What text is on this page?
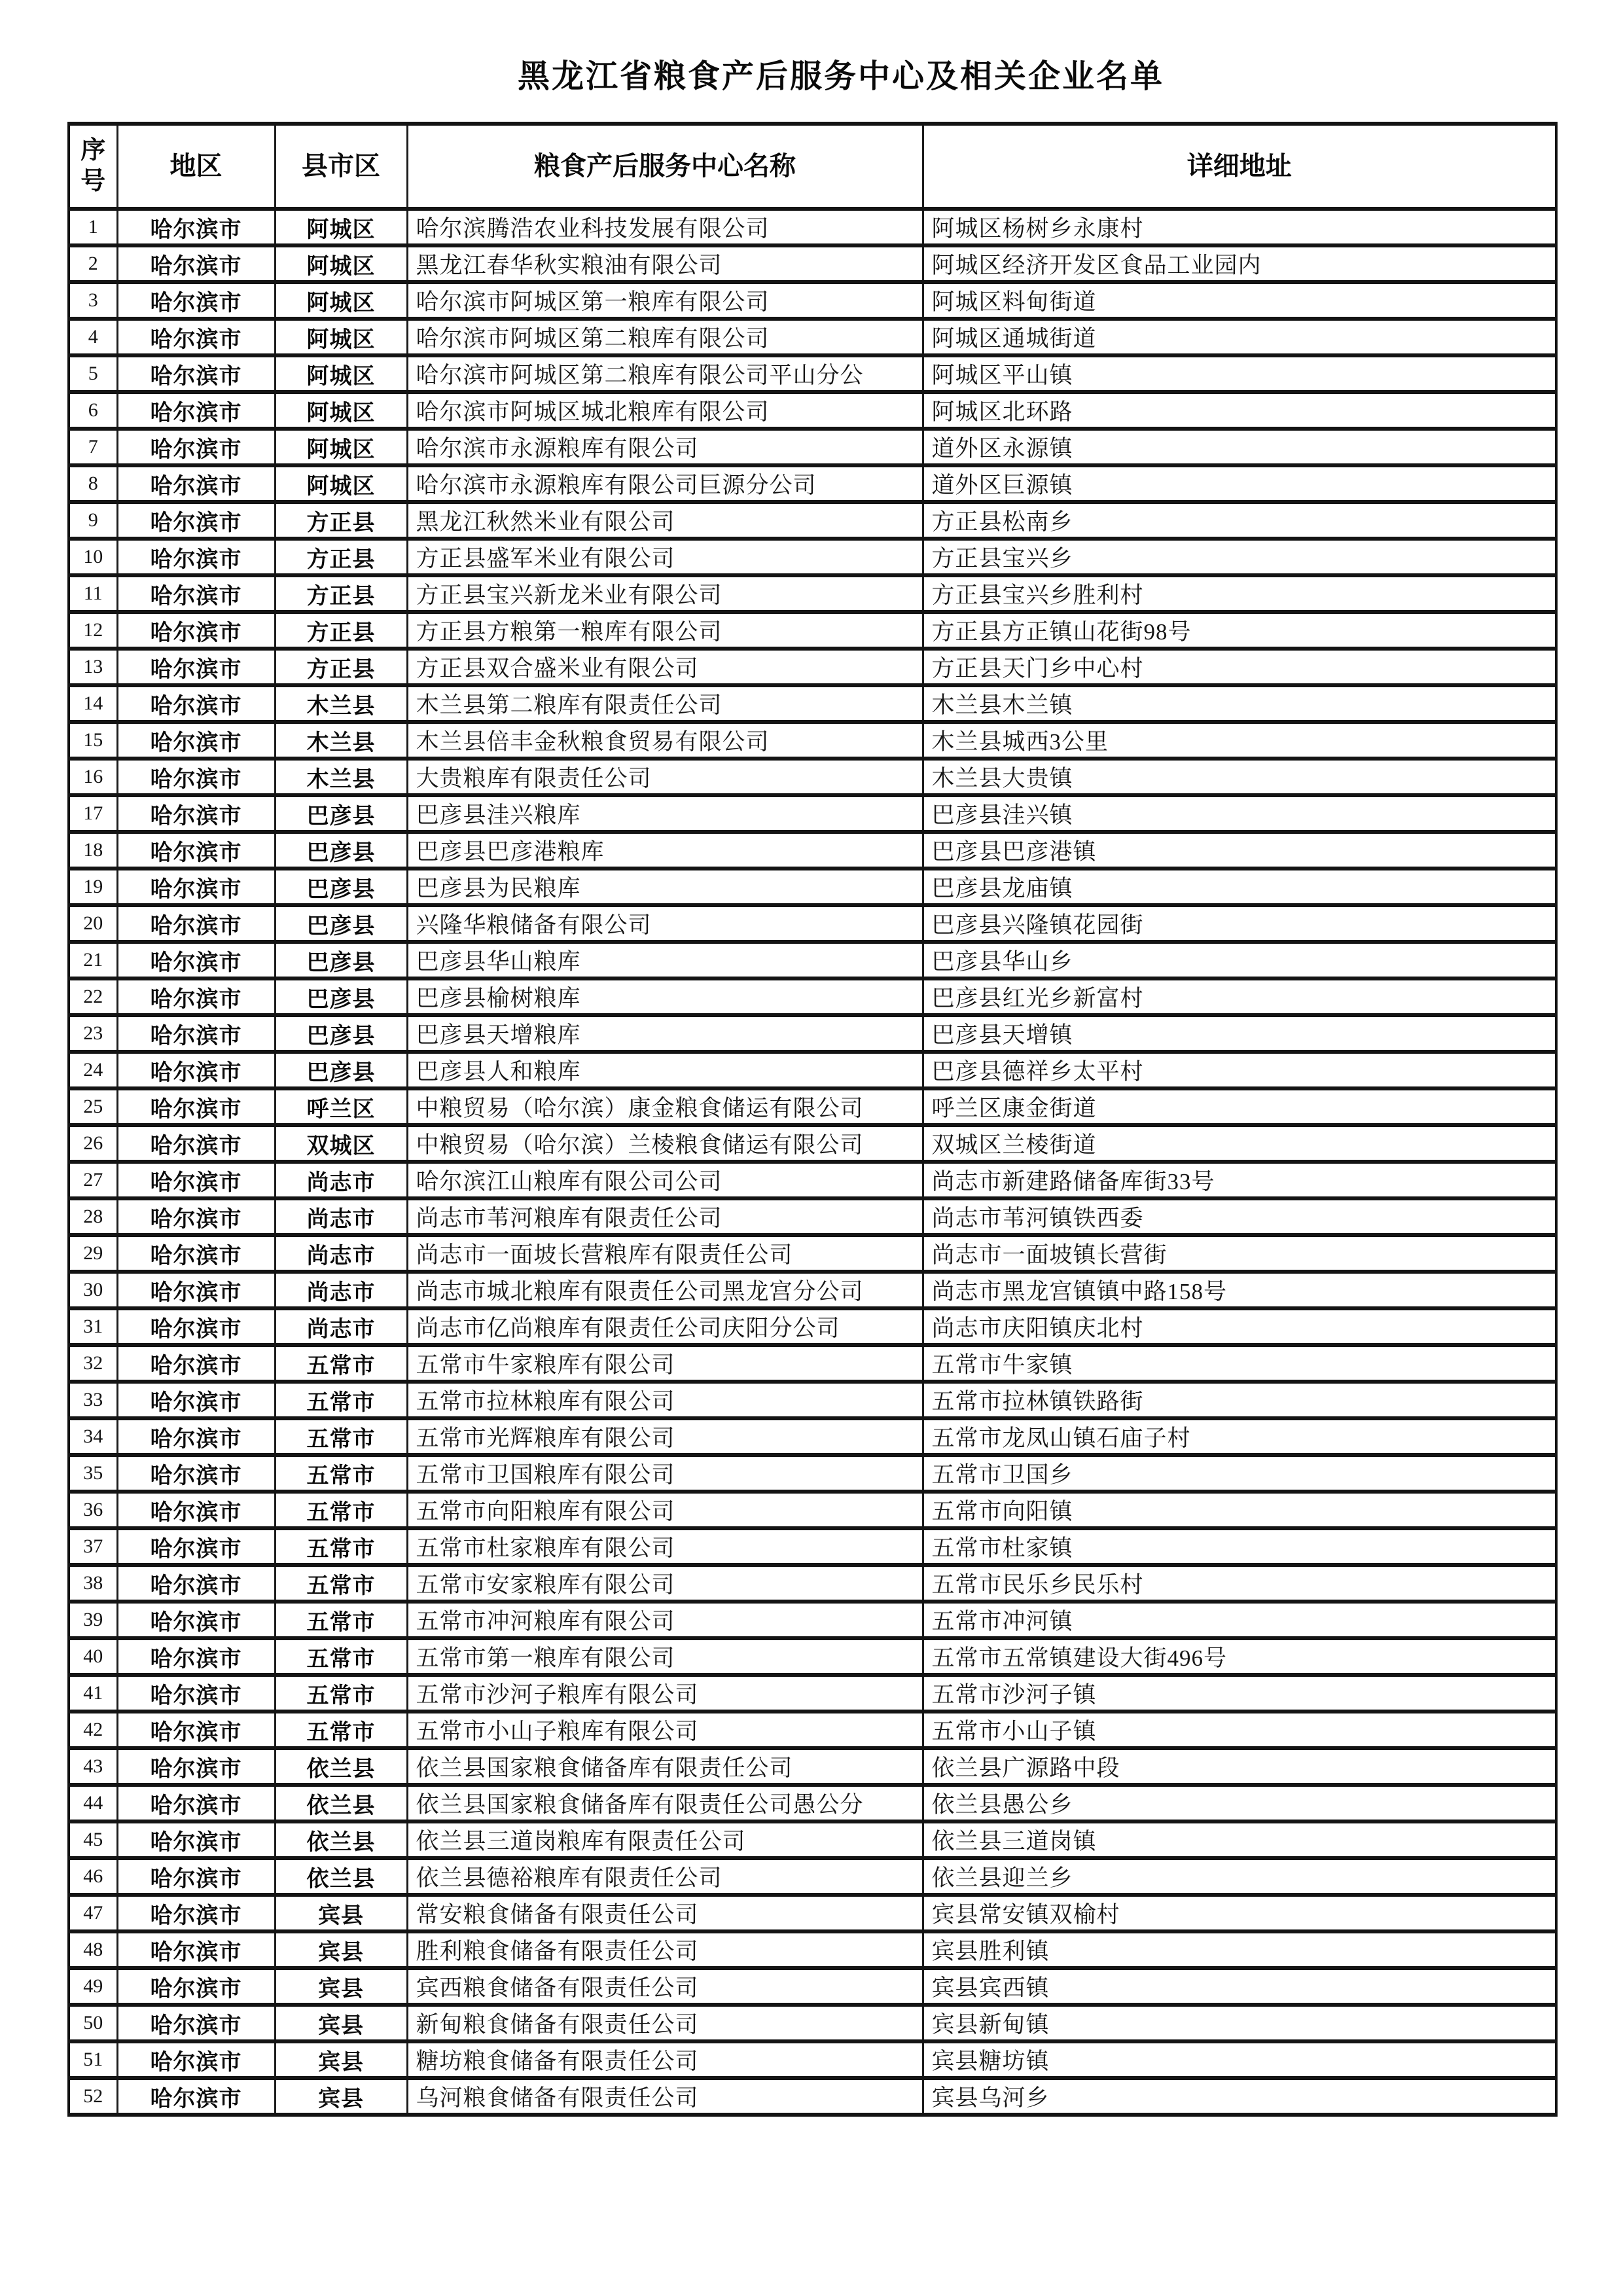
黑龙江省粮食产后服务中心及相关企业名单
序号	地区	县市区	粮食产后服务中心名称	详细地址
1	哈尔滨市	阿城区	哈尔滨腾浩农业科技发展有限公司	阿城区杨树乡永康村
2	哈尔滨市	阿城区	黑龙江春华秋实粮油有限公司	阿城区经济开发区食品工业园内
3	哈尔滨市	阿城区	哈尔滨市阿城区第一粮库有限公司	阿城区料甸街道
4	哈尔滨市	阿城区	哈尔滨市阿城区第二粮库有限公司	阿城区通城街道
5	哈尔滨市	阿城区	哈尔滨市阿城区第二粮库有限公司平山分公	阿城区平山镇
6	哈尔滨市	阿城区	哈尔滨市阿城区城北粮库有限公司	阿城区北环路
7	哈尔滨市	阿城区	哈尔滨市永源粮库有限公司	道外区永源镇
8	哈尔滨市	阿城区	哈尔滨市永源粮库有限公司巨源分公司	道外区巨源镇
9	哈尔滨市	方正县	黑龙江秋然米业有限公司	方正县松南乡
10	哈尔滨市	方正县	方正县盛军米业有限公司	方正县宝兴乡
11	哈尔滨市	方正县	方正县宝兴新龙米业有限公司	方正县宝兴乡胜利村
12	哈尔滨市	方正县	方正县方粮第一粮库有限公司	方正县方正镇山花街98号
13	哈尔滨市	方正县	方正县双合盛米业有限公司	方正县天门乡中心村
14	哈尔滨市	木兰县	木兰县第二粮库有限责任公司	木兰县木兰镇
15	哈尔滨市	木兰县	木兰县倍丰金秋粮食贸易有限公司	木兰县城西3公里
16	哈尔滨市	木兰县	大贵粮库有限责任公司	木兰县大贵镇
17	哈尔滨市	巴彦县	巴彦县洼兴粮库	巴彦县洼兴镇
18	哈尔滨市	巴彦县	巴彦县巴彦港粮库	巴彦县巴彦港镇
19	哈尔滨市	巴彦县	巴彦县为民粮库	巴彦县龙庙镇
20	哈尔滨市	巴彦县	兴隆华粮储备有限公司	巴彦县兴隆镇花园街
21	哈尔滨市	巴彦县	巴彦县华山粮库	巴彦县华山乡
22	哈尔滨市	巴彦县	巴彦县榆树粮库	巴彦县红光乡新富村
23	哈尔滨市	巴彦县	巴彦县天增粮库	巴彦县天增镇
24	哈尔滨市	巴彦县	巴彦县人和粮库	巴彦县德祥乡太平村
25	哈尔滨市	呼兰区	中粮贸易（哈尔滨）康金粮食储运有限公司	呼兰区康金街道
26	哈尔滨市	双城区	中粮贸易（哈尔滨）兰棱粮食储运有限公司	双城区兰棱街道
27	哈尔滨市	尚志市	哈尔滨江山粮库有限公司公司	尚志市新建路储备库街33号
28	哈尔滨市	尚志市	尚志市苇河粮库有限责任公司	尚志市苇河镇铁西委
29	哈尔滨市	尚志市	尚志市一面坡长营粮库有限责任公司	尚志市一面坡镇长营街
30	哈尔滨市	尚志市	尚志市城北粮库有限责任公司黑龙宫分公司	尚志市黑龙宫镇镇中路158号
31	哈尔滨市	尚志市	尚志市亿尚粮库有限责任公司庆阳分公司	尚志市庆阳镇庆北村
32	哈尔滨市	五常市	五常市牛家粮库有限公司	五常市牛家镇
33	哈尔滨市	五常市	五常市拉林粮库有限公司	五常市拉林镇铁路街
34	哈尔滨市	五常市	五常市光辉粮库有限公司	五常市龙凤山镇石庙子村
35	哈尔滨市	五常市	五常市卫国粮库有限公司	五常市卫国乡
36	哈尔滨市	五常市	五常市向阳粮库有限公司	五常市向阳镇
37	哈尔滨市	五常市	五常市杜家粮库有限公司	五常市杜家镇
38	哈尔滨市	五常市	五常市安家粮库有限公司	五常市民乐乡民乐村
39	哈尔滨市	五常市	五常市冲河粮库有限公司	五常市冲河镇
40	哈尔滨市	五常市	五常市第一粮库有限公司	五常市五常镇建设大街496号
41	哈尔滨市	五常市	五常市沙河子粮库有限公司	五常市沙河子镇
42	哈尔滨市	五常市	五常市小山子粮库有限公司	五常市小山子镇
43	哈尔滨市	依兰县	依兰县国家粮食储备库有限责任公司	依兰县广源路中段
44	哈尔滨市	依兰县	依兰县国家粮食储备库有限责任公司愚公分	依兰县愚公乡
45	哈尔滨市	依兰县	依兰县三道岗粮库有限责任公司	依兰县三道岗镇
46	哈尔滨市	依兰县	依兰县德裕粮库有限责任公司	依兰县迎兰乡
47	哈尔滨市	宾县	常安粮食储备有限责任公司	宾县常安镇双榆村
48	哈尔滨市	宾县	胜利粮食储备有限责任公司	宾县胜利镇
49	哈尔滨市	宾县	宾西粮食储备有限责任公司	宾县宾西镇
50	哈尔滨市	宾县	新甸粮食储备有限责任公司	宾县新甸镇
51	哈尔滨市	宾县	糖坊粮食储备有限责任公司	宾县糖坊镇
52	哈尔滨市	宾县	乌河粮食储备有限责任公司	宾县乌河乡
